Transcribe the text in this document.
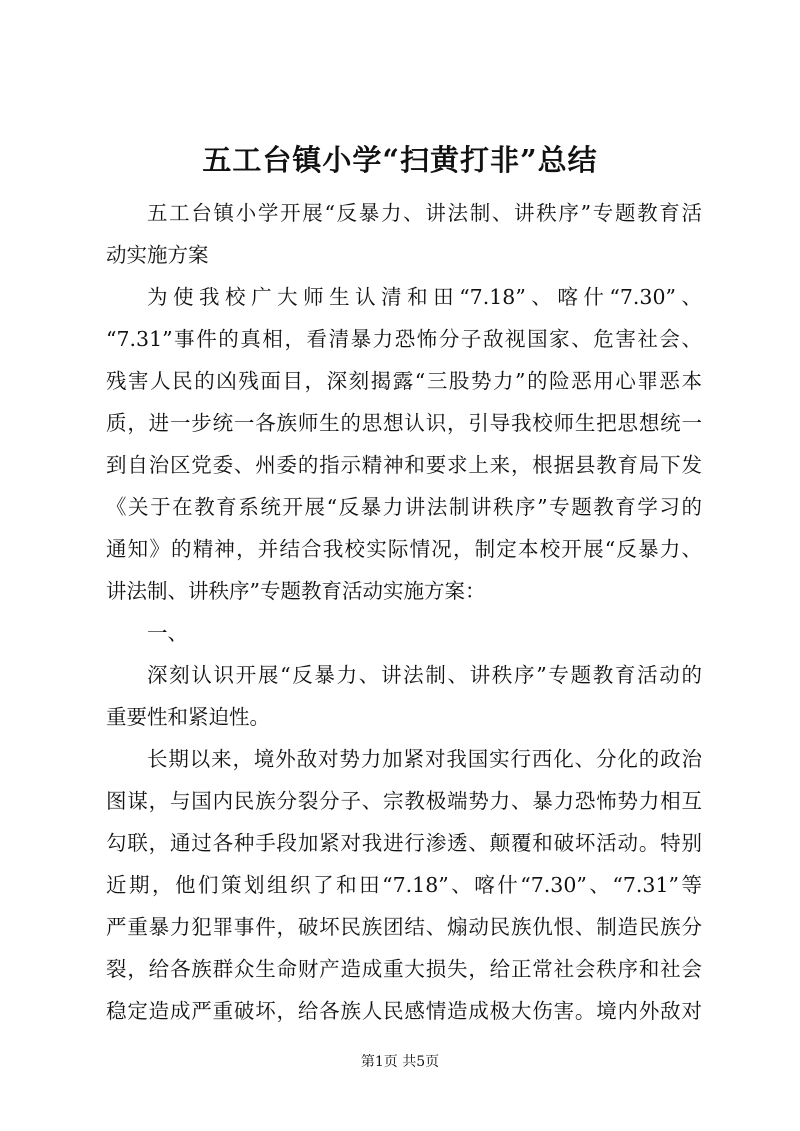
五工台镇小学“扫黄打非”总结
五工台镇小学开展“反暴力、讲法制、讲秩序”专题教育活
动实施方案
为使我校广大师生认清和田“7.18”、喀什“7.30”、
“7.31”事件的真相，看清暴力恐怖分子敌视国家、危害社会、
残害人民的凶残面目，深刻揭露“三股势力”的险恶用心罪恶本
质，进一步统一各族师生的思想认识，引导我校师生把思想统一
到自治区党委、州委的指示精神和要求上来，根据县教育局下发
《关于在教育系统开展“反暴力讲法制讲秩序”专题教育学习的
通知》的精神，并结合我校实际情况，制定本校开展“反暴力、
讲法制、讲秩序”专题教育活动实施方案：
一、
深刻认识开展“反暴力、讲法制、讲秩序”专题教育活动的
重要性和紧迫性。
长期以来，境外敌对势力加紧对我国实行西化、分化的政治
图谋，与国内民族分裂分子、宗教极端势力、暴力恐怖势力相互
勾联，通过各种手段加紧对我进行渗透、颠覆和破坏活动。特别
近期，他们策划组织了和田“7.18”、喀什“7.30”、“7.31”等
严重暴力犯罪事件，破坏民族团结、煽动民族仇恨、制造民族分
裂，给各族群众生命财产造成重大损失，给正常社会秩序和社会
稳定造成严重破坏，给各族人民感情造成极大伤害。境内外敌对
第1页 共5页
